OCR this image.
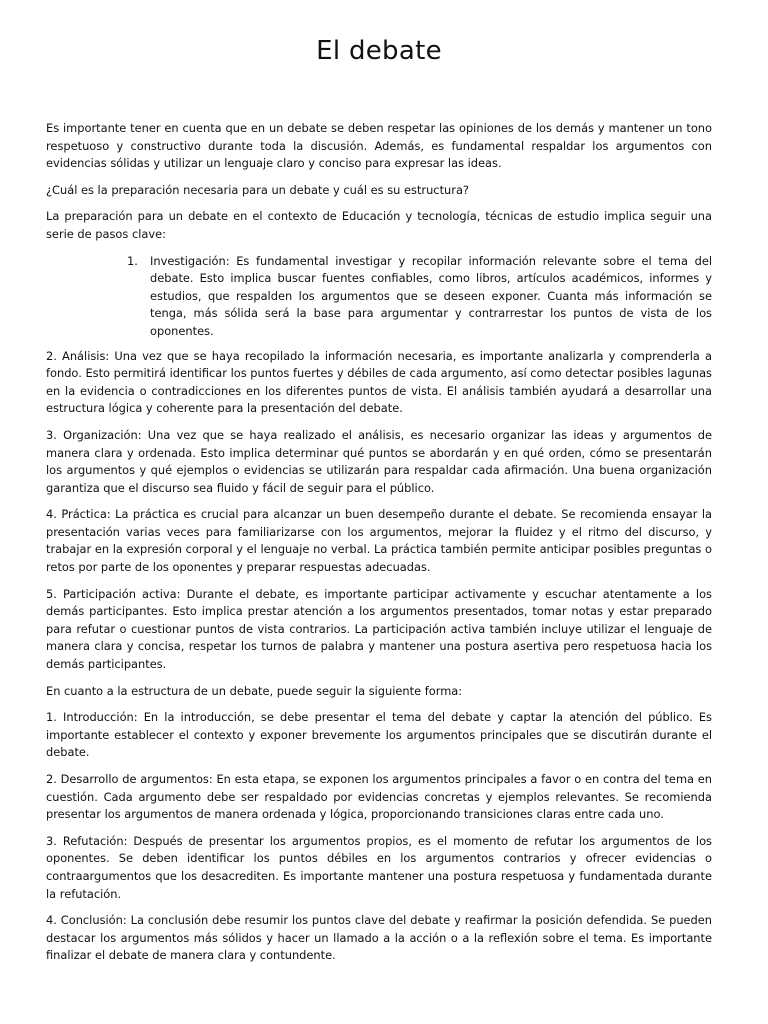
El debate

Es importante tener en cuenta que en un debate se deben respetar las opiniones de los demás y mantener un tono respetuoso y constructivo durante toda la discusión. Además, es fundamental respaldar los argumentos con evidencias sólidas y utilizar un lenguaje claro y conciso para expresar las ideas.

¿Cuál es la preparación necesaria para un debate y cuál es su estructura?

La preparación para un debate en el contexto de Educación y tecnología, técnicas de estudio implica seguir una serie de pasos clave:

1. Investigación: Es fundamental investigar y recopilar información relevante sobre el tema del debate. Esto implica buscar fuentes confiables, como libros, artículos académicos, informes y estudios, que respalden los argumentos que se deseen exponer. Cuanta más información se tenga, más sólida será la base para argumentar y contrarrestar los puntos de vista de los oponentes.

2. Análisis: Una vez que se haya recopilado la información necesaria, es importante analizarla y comprenderla a fondo. Esto permitirá identificar los puntos fuertes y débiles de cada argumento, así como detectar posibles lagunas en la evidencia o contradicciones en los diferentes puntos de vista. El análisis también ayudará a desarrollar una estructura lógica y coherente para la presentación del debate.

3. Organización: Una vez que se haya realizado el análisis, es necesario organizar las ideas y argumentos de manera clara y ordenada. Esto implica determinar qué puntos se abordarán y en qué orden, cómo se presentarán los argumentos y qué ejemplos o evidencias se utilizarán para respaldar cada afirmación. Una buena organización garantiza que el discurso sea fluido y fácil de seguir para el público.

4. Práctica: La práctica es crucial para alcanzar un buen desempeño durante el debate. Se recomienda ensayar la presentación varias veces para familiarizarse con los argumentos, mejorar la fluidez y el ritmo del discurso, y trabajar en la expresión corporal y el lenguaje no verbal. La práctica también permite anticipar posibles preguntas o retos por parte de los oponentes y preparar respuestas adecuadas.

5. Participación activa: Durante el debate, es importante participar activamente y escuchar atentamente a los demás participantes. Esto implica prestar atención a los argumentos presentados, tomar notas y estar preparado para refutar o cuestionar puntos de vista contrarios. La participación activa también incluye utilizar el lenguaje de manera clara y concisa, respetar los turnos de palabra y mantener una postura asertiva pero respetuosa hacia los demás participantes.

En cuanto a la estructura de un debate, puede seguir la siguiente forma:

1. Introducción: En la introducción, se debe presentar el tema del debate y captar la atención del público. Es importante establecer el contexto y exponer brevemente los argumentos principales que se discutirán durante el debate.

2. Desarrollo de argumentos: En esta etapa, se exponen los argumentos principales a favor o en contra del tema en cuestión. Cada argumento debe ser respaldado por evidencias concretas y ejemplos relevantes. Se recomienda presentar los argumentos de manera ordenada y lógica, proporcionando transiciones claras entre cada uno.

3. Refutación: Después de presentar los argumentos propios, es el momento de refutar los argumentos de los oponentes. Se deben identificar los puntos débiles en los argumentos contrarios y ofrecer evidencias o contraargumentos que los desacrediten. Es importante mantener una postura respetuosa y fundamentada durante la refutación.

4. Conclusión: La conclusión debe resumir los puntos clave del debate y reafirmar la posición defendida. Se pueden destacar los argumentos más sólidos y hacer un llamado a la acción o a la reflexión sobre el tema. Es importante finalizar el debate de manera clara y contundente.
